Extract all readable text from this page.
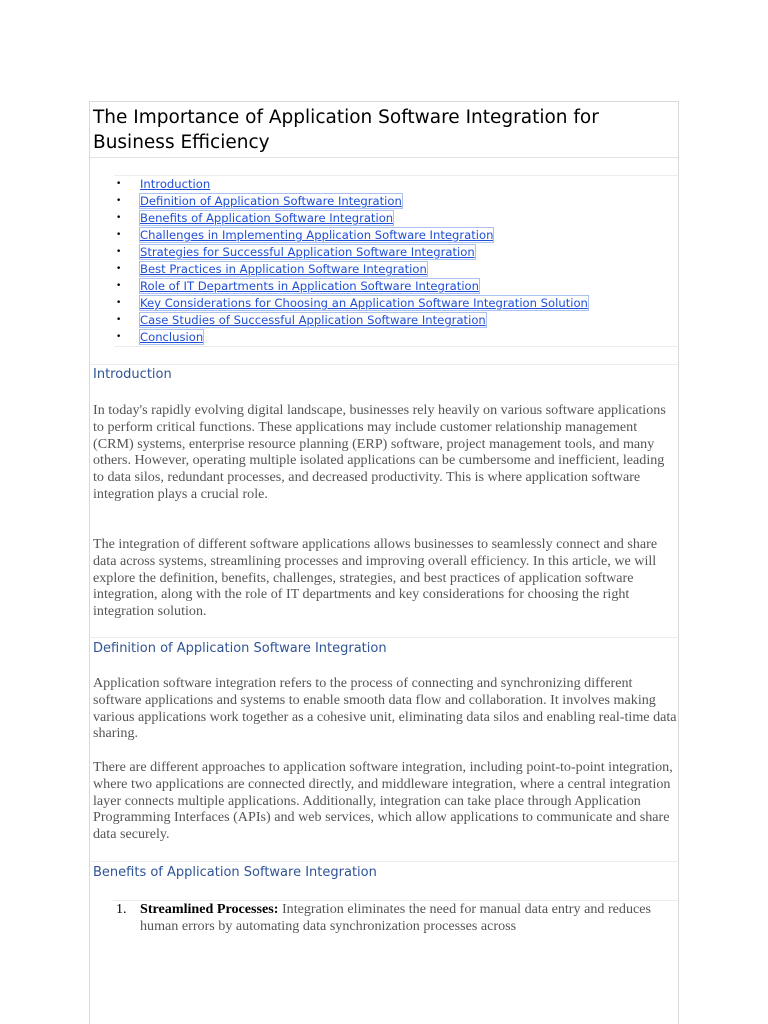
The Importance of Application Software Integration for Business Efficiency
• Introduction
• Definition of Application Software Integration
• Benefits of Application Software Integration
• Challenges in Implementing Application Software Integration
• Strategies for Successful Application Software Integration
• Best Practices in Application Software Integration
• Role of IT Departments in Application Software Integration
• Key Considerations for Choosing an Application Software Integration Solution
• Case Studies of Successful Application Software Integration
• Conclusion
Introduction

In today's rapidly evolving digital landscape, businesses rely heavily on various software applications to perform critical functions. These applications may include customer relationship management (CRM) systems, enterprise resource planning (ERP) software, project management tools, and many others. However, operating multiple isolated applications can be cumbersome and inefficient, leading to data silos, redundant processes, and decreased productivity. This is where application software integration plays a crucial role.

The integration of different software applications allows businesses to seamlessly connect and share data across systems, streamlining processes and improving overall efficiency. In this article, we will explore the definition, benefits, challenges, strategies, and best practices of application software integration, along with the role of IT departments and key considerations for choosing the right integration solution.

Definition of Application Software Integration

Application software integration refers to the process of connecting and synchronizing different software applications and systems to enable smooth data flow and collaboration. It involves making various applications work together as a cohesive unit, eliminating data silos and enabling real-time data sharing.

There are different approaches to application software integration, including point-to-point integration, where two applications are connected directly, and middleware integration, where a central integration layer connects multiple applications. Additionally, integration can take place through Application Programming Interfaces (APIs) and web services, which allow applications to communicate and share data securely.

Benefits of Application Software Integration
1. Streamlined Processes: Integration eliminates the need for manual data entry and reduces human errors by automating data synchronization processes across
